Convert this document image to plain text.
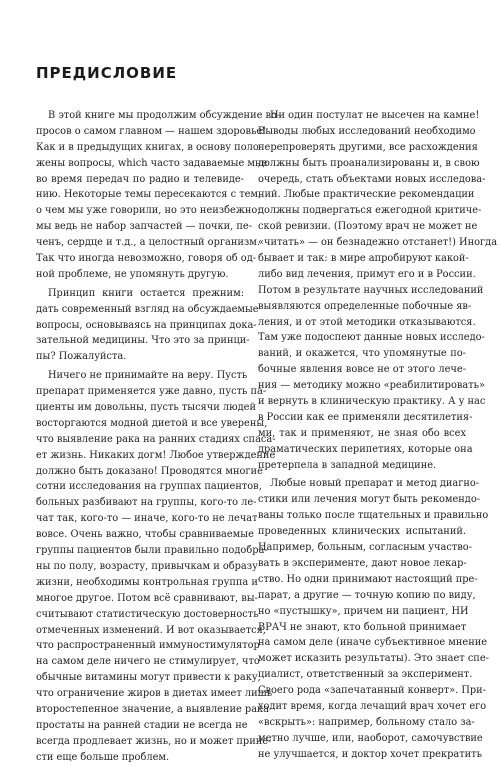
ПРЕДИСЛОВИЕ
В этой книге мы продолжим обсуждение во-
просов о самом главном — нашем здоровье!
Как и в предыдущих книгах, в основу поло-
жены вопросы, which часто задаваемые мне
во время передач по радио и телевиде-
нию. Некоторые темы пересекаются с тем,
о чем мы уже говорили, но это неизбежно:
мы ведь не набор запчастей — почки, пе-
ченъ, сердце и т.д., а целостный организм.
Так что иногда невозможно, говоря об од-
ной проблеме, не упомянуть другую.
Принцип книги остается прежним:
дать современный взгляд на обсуждаемые
вопросы, основываясь на принципах дока-
зательной медицины. Что это за принци-
пы? Пожалуйста.
Ничего не принимайте на веру. Пусть
препарат применяется уже давно, пусть па-
циенты им довольны, пусть тысячи людей
восторгаются модной диетой и все уверены,
что выявление рака на ранних стадиях спаса-
ет жизнь. Никаких догм! Любое утверждение
должно быть доказано! Проводятся многие
сотни исследования на группах пациентов,
больных разбивают на группы, кого-то ле-
чат так, кого-то — иначе, кого-то не лечат
вовсе. Очень важно, чтобы сравниваемые
группы пациентов были правильно подобра-
ны по полу, возрасту, привычкам и образу
жизни, необходимы контрольная группа и
многое другое. Потом всё сравнивают, вы-
считывают статистическую достоверность
отмеченных изменений. И вот оказывается,
что распространенный иммуностимулятор
на самом деле ничего не стимулирует, что
обычные витамины могут привести к раку,
что ограничение жиров в диетах имеет лишь
второстепенное значение, а выявление рака
простаты на ранней стадии не всегда не
всегда продлевает жизнь, но и может прине-
сти еще больше проблем.
Ни один постулат не высечен на камне!
Выводы любых исследований необходимо
перепроверять другими, все расхождения
должны быть проанализированы и, в свою
очередь, стать объектами новых исследова-
ний. Любые практические рекомендации
должны подвергаться ежегодной критиче-
ской ревизии. (Поэтому врач не может не
«читать» — он безнадежно отстанет!) Иногда
бывает и так: в мире апробируют какой-
либо вид лечения, примут его и в России.
Потом в результате научных исследований
выявляются определенные побочные яв-
ления, и от этой методики отказываются.
Там уже подоспеют данные новых исследо-
ваний, и окажется, что упомянутые по-
бочные явления вовсе не от этого лече-
ния — методику можно «реабилитировать»
и вернуть в клиническую практику. А у нас
в России как ее применяли десятилетия-
ми, так и применяют, не зная обо всех
драматических перипетиях, которые она
претерпела в западной медицине.
Любые новый препарат и метод диагно-
стики или лечения могут быть рекомендо-
ваны только после тщательных и правильно
проведенных клинических испытаний.
Например, больным, согласным участво-
вать в эксперименте, дают новое лекар-
ство. Но одни принимают настоящий пре-
парат, а другие — точную копию по виду,
но «пустышку», причем ни пациент, НИ
ВРАЧ не знают, кто больной принимает
на самом деле (иначе субъективное мнение
может исказить результаты). Это знает спе-
циалист, ответственный за эксперимент.
Своего рода «запечатанный конверт». При-
ходит время, когда лечащий врач хочет его
«вскрыть»: например, больному стало за-
метно лучше, или, наоборот, самочувствие
не улучшается, и доктор хочет прекратить
